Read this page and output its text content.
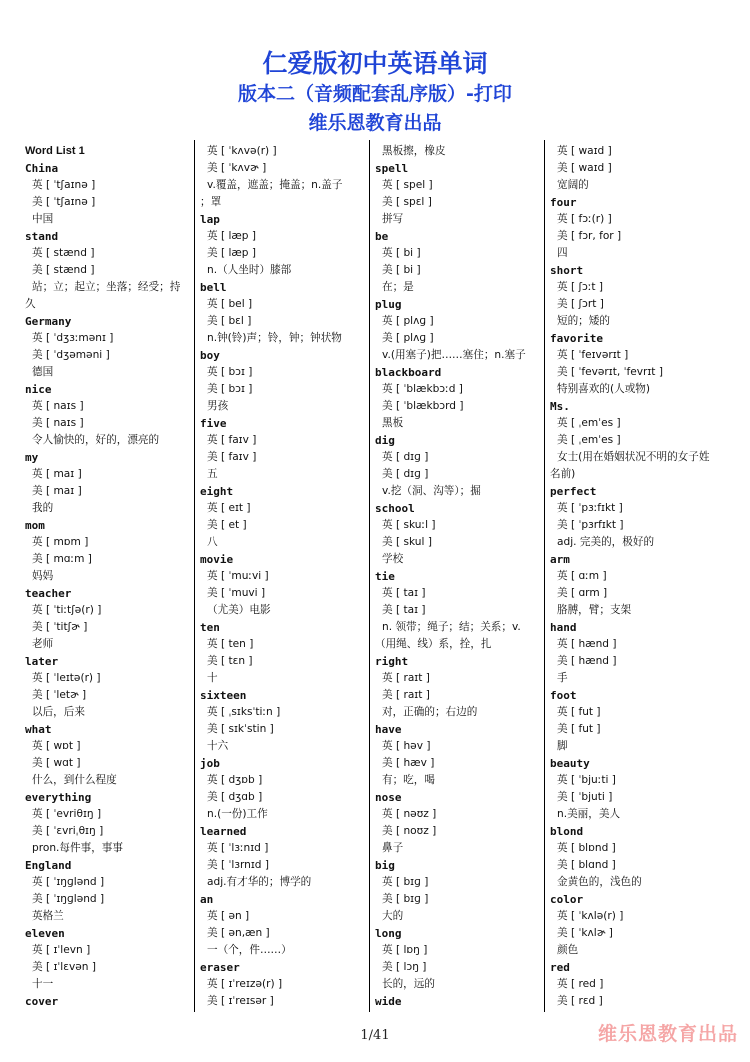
仁爱版初中英语单词
版本二（音频配套乱序版）-打印
维乐恩教育出品
Word List 1
China
英 [ ˈtʃaɪnə ]
美 [ ˈtʃaɪnə ]
中国
stand
英 [ stænd ]
美 [ stænd ]
站；立；起立；坐落；经受；持
久
Germany
英 [ ˈdʒɜːmənɪ ]
美 [ ˈdʒəməni ]
德国
nice
英 [ naɪs ]
美 [ naɪs ]
令人愉快的，好的，漂亮的
my
英 [ maɪ ]
美 [ maɪ ]
我的
mom
英 [ mɒm ]
美 [ mɑːm ]
妈妈
teacher
英 [ ˈtiːtʃə(r) ]
美 [ ˈtitʃɚ ]
老师
later
英 [ ˈleɪtə(r) ]
美 [ ˈletɚ ]
以后，后来
what
英 [ wɒt ]
美 [ wɑt ]
什么，到什么程度
everything
英 [ ˈevriθɪŋ ]
美 [ ˈɛvriˌθɪŋ ]
pron.每件事，事事
England
英 [ ˈɪŋɡlənd ]
美 [ ˈɪŋɡlənd ]
英格兰
eleven
英 [ ɪˈlevn ]
美 [ ɪˈlɛvən ]
十一
cover
英 [ ˈkʌvə(r) ]
美 [ ˈkʌvɚ ]
v.覆盖，遮盖；掩盖；n.盖子
；罩
lap
英 [ læp ]
美 [ læp ]
n.（人坐时）膝部
bell
英 [ bel ]
美 [ bɛl ]
n.钟(铃)声；铃，钟；钟状物
boy
英 [ bɔɪ ]
美 [ bɔɪ ]
男孩
five
英 [ faɪv ]
美 [ faɪv ]
五
eight
英 [ eɪt ]
美 [ et ]
八
movie
英 [ ˈmuːvi ]
美 [ ˈmuvi ]
（尤美）电影
ten
英 [ ten ]
美 [ tɛn ]
十
sixteen
英 [ ˌsɪksˈtiːn ]
美 [ sɪkˈstin ]
十六
job
英 [ dʒɒb ]
美 [ dʒɑb ]
n.(一份)工作
learned
英 [ ˈlɜːnɪd ]
美 [ ˈlɜrnɪd ]
adj.有才华的；博学的
an
英 [ ən ]
美 [ ən,æn ]
一（个，件……）
eraser
英 [ ɪˈreɪzə(r) ]
美 [ ɪˈreɪsər ]
黑板擦，橡皮
spell
英 [ spel ]
美 [ spɛl ]
拼写
be
英 [ bi ]
美 [ bi ]
在；是
plug
英 [ plʌɡ ]
美 [ plʌɡ ]
v.(用塞子)把……塞住；n.塞子
blackboard
英 [ ˈblækbɔːd ]
美 [ ˈblækbɔrd ]
黑板
dig
英 [ dɪɡ ]
美 [ dɪɡ ]
v.挖（洞、沟等）；掘
school
英 [ skuːl ]
美 [ skul ]
学校
tie
英 [ taɪ ]
美 [ taɪ ]
n. 领带；绳子；结；关系；v.
（用绳、线）系，拴，扎
right
英 [ raɪt ]
美 [ raɪt ]
对，正确的；右边的
have
英 [ həv ]
美 [ hæv ]
有；吃，喝
nose
英 [ nəʊz ]
美 [ noʊz ]
鼻子
big
英 [ bɪɡ ]
美 [ bɪɡ ]
大的
long
英 [ lɒŋ ]
美 [ lɔŋ ]
长的，远的
wide
英 [ waɪd ]
美 [ waɪd ]
宽阔的
four
英 [ fɔː(r) ]
美 [ fɔr, for ]
四
short
英 [ ʃɔːt ]
美 [ ʃɔrt ]
短的；矮的
favorite
英 [ ˈfeɪvərɪt ]
美 [ ˈfevərɪt, ˈfevrɪt ]
特别喜欢的(人或物)
Ms.
英 [ ˌemˈes ]
美 [ ˌemˈes ]
女士(用在婚姻状况不明的女子姓
名前)
perfect
英 [ ˈpɜːfɪkt ]
美 [ ˈpɜrfɪkt ]
adj. 完美的，极好的
arm
英 [ ɑːm ]
美 [ ɑrm ]
胳膊，臂；支架
hand
英 [ hænd ]
美 [ hænd ]
手
foot
英 [ fut ]
美 [ fut ]
脚
beauty
英 [ ˈbjuːti ]
美 [ ˈbjuti ]
n.美丽，美人
blond
英 [ blɒnd ]
美 [ blɑnd ]
金黄色的，浅色的
color
英 [ ˈkʌlə(r) ]
美 [ ˈkʌlɚ ]
颜色
red
英 [ red ]
美 [ rɛd ]
1/41	维乐恩教育出品
